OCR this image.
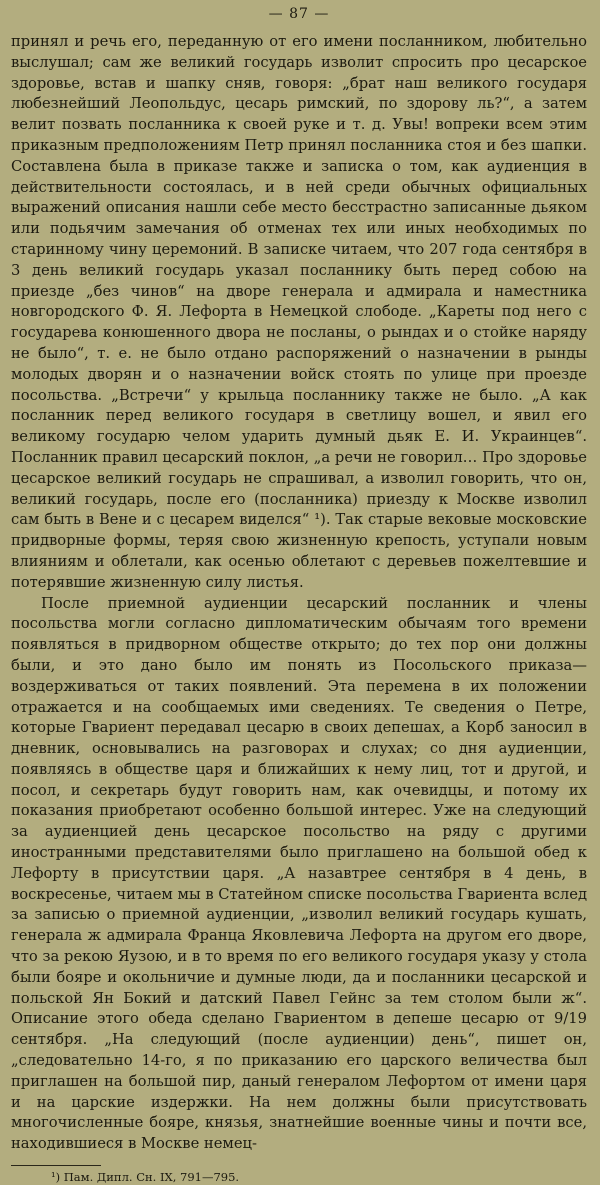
— 87 —

принял и речь его, переданную от его имени посланником, любительно выслушал; сам же великий государь изволит спросить про цесарское здоровье, встав и шапку сняв, говоря: „брат наш великого государя любезнейший Леопольдус, цесарь римский, по здорову ль?“, а затем велит позвать посланника к своей руке и т. д. Увы! вопреки всем этим приказным предположениям Петр принял посланника стоя и без шапки. Составлена была в приказе также и записка о том, как аудиенция в действительности состоялась, и в ней среди обычных официальных выражений описания нашли себе место бесстрастно записанные дьяком или подьячим замечания об отменах тех или иных необходимых по старинному чину церемоний. В записке читаем, что 207 года сентября в 3 день великий государь указал посланнику быть перед собою на приезде „без чинов“ на дворе генерала и адмирала и наместника новгородского Ф. Я. Лефорта в Немецкой слободе. „Кареты под него с государева конюшенного двора не посланы, о рындах и о стойке наряду не было“, т. е. не было отдано распоряжений о назначении в рынды молодых дворян и о назначении войск стоять по улице при проезде посольства. „Встречи“ у крыльца посланнику также не было. „А как посланник перед великого государя в светлицу вошел, и явил его великому государю челом ударить думный дьяк Е. И. Украинцев“. Посланник правил цесарский поклон, „а речи не говорил… Про здоровье цесарское великий государь не спрашивал, а изволил говорить, что он, великий государь, после его (посланника) приезду к Москве изволил сам быть в Вене и с цесарем виделся“ ¹). Так старые вековые московские придворные формы, теряя свою жизненную крепость, уступали новым влияниям и облетали, как осенью облетают с деревьев пожелтевшие и потерявшие жизненную силу листья.

После приемной аудиенции цесарский посланник и члены посольства могли согласно дипломатическим обычаям того времени появляться в придворном обществе открыто; до тех пор они должны были, и это дано было им понять из Посольского приказа—воздерживаться от таких появлений. Эта перемена в их положении отражается и на сообщаемых ими сведениях. Те сведения о Петре, которые Гвариент передавал цесарю в своих депешах, а Корб заносил в дневник, основывались на разговорах и слухах; со дня аудиенции, появляясь в обществе царя и ближайших к нему лиц, тот и другой, и посол, и секретарь будут говорить нам, как очевидцы, и потому их показания приобретают особенно большой интерес. Уже на следующий за аудиенцией день цесарское посольство на ряду с другими иностранными представителями было приглашено на большой обед к Лефорту в присутствии царя. „А назавтрее сентября в 4 день, в воскресенье, читаем мы в Статейном списке посольства Гвариента вслед за записью о приемной аудиенции, „изволил великий государь кушать, генерала ж адмирала Франца Яковлевича Лефорта на другом его дворе, что за рекою Яузою, и в то время по его великого государя указу у стола были бояре и окольничие и думные люди, да и посланники цесарской и польской Ян Бокий и датский Павел Гейнс за тем столом были ж“. Описание этого обеда сделано Гвариентом в депеше цесарю от 9/19 сентября. „На следующий (после аудиенции) день“, пишет он, „следовательно 14-го, я по приказанию его царского величества был приглашен на большой пир, даный генералом Лефортом от имени царя и на царские издержки. На нем должны были присутствовать многочисленные бояре, князья, знатнейшие военные чины и почти все, находившиеся в Москве немец-

¹) Пам. Дипл. Сн. IX, 791—795.
